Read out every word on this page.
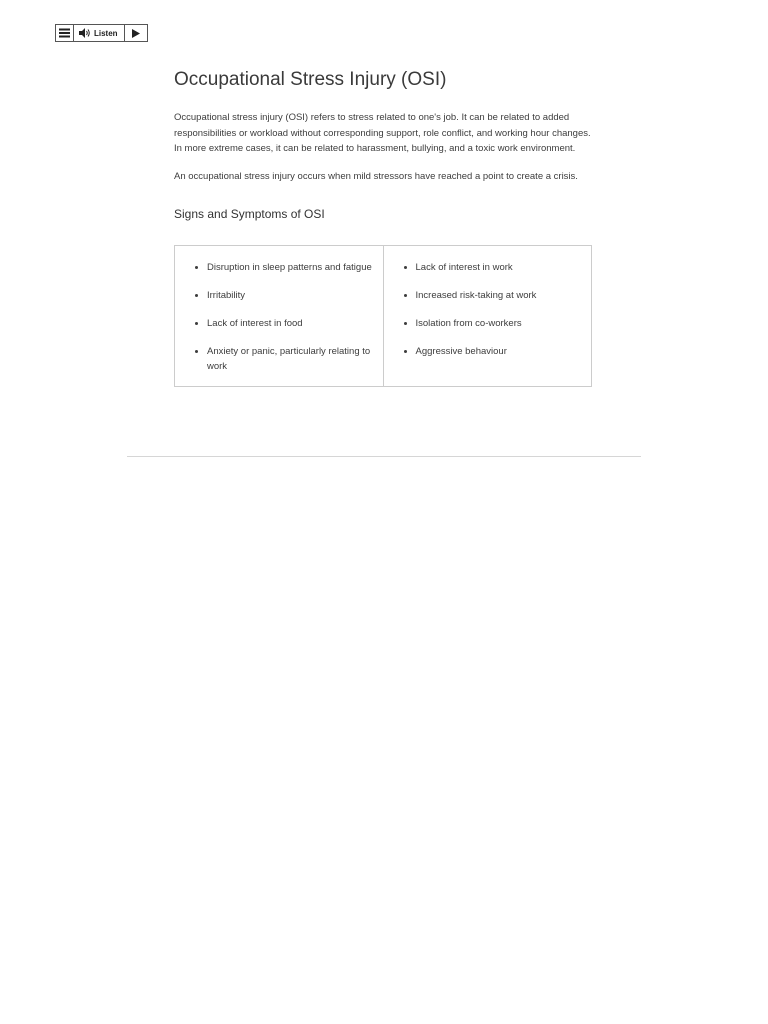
Listen
Occupational Stress Injury (OSI)

Occupational stress injury (OSI) refers to stress related to one's job. It can be related to added responsibilities or workload without corresponding support, role conflict, and working hour changes. In more extreme cases, it can be related to harassment, bullying, and a toxic work environment.

An occupational stress injury occurs when mild stressors have reached a point to create a crisis.

Signs and Symptoms of OSI
• Disruption in sleep patterns and fatigue
• Irritability
• Lack of interest in food
• Anxiety or panic, particularly relating to work
• Lack of interest in work
• Increased risk-taking at work
• Isolation from co-workers
• Aggressive behaviour
